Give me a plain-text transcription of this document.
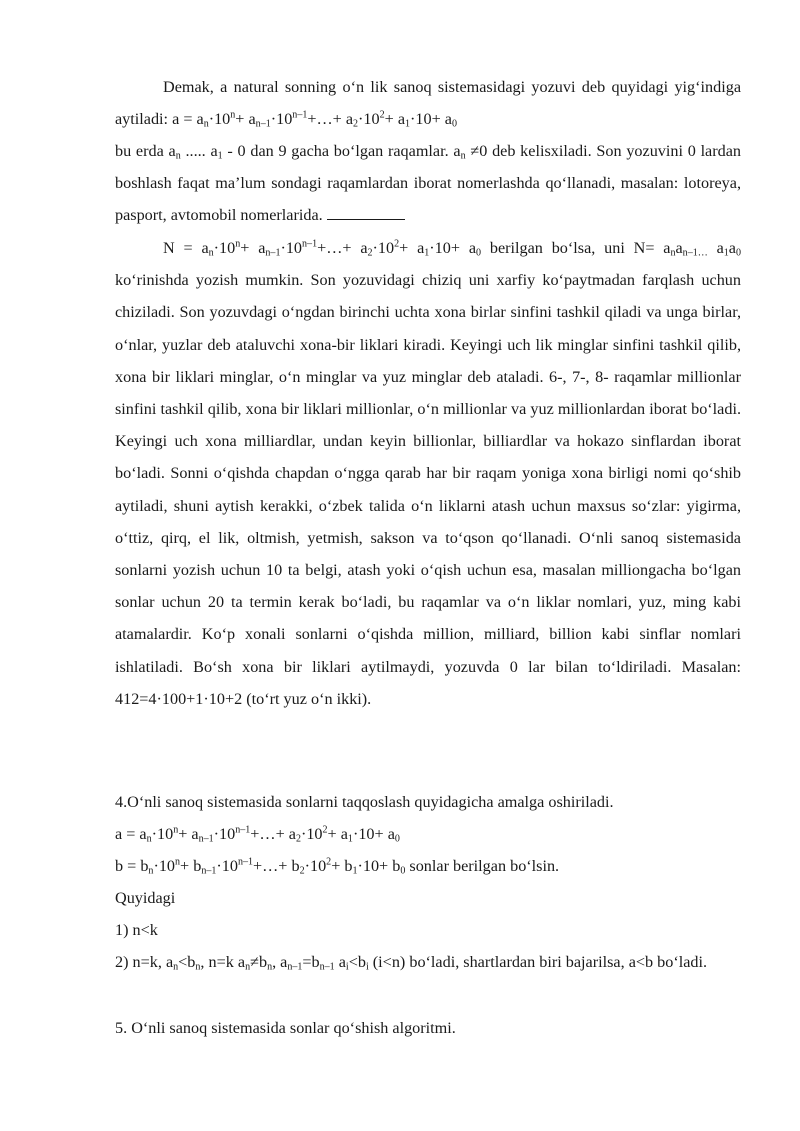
Demak, a natural sonning o‘n lik sanoq sistemasidagi yozuvi deb quyidagi yig‘indiga aytiladi: $a = a_n\cdot 10^n+$ $a_{n-1}\cdot 10^{n-1}+\dots+ a_2\cdot 10^2+ a_1\cdot 10+ a_0$

bu erda $a_n$ ..... $a_1 - 0$ dan 9 gacha bo‘lgan raqamlar. $a_n \ne 0$ deb kelisxiladi. Son yozuvini 0 lardan boshlash faqat ma’lum sondagi raqamlardan iborat nomerlashda qo‘llanadi, masalan: lotoreya, pasport, avtomobil nomerlarida.

$N = a_n\cdot 10^n+$ $a_{n-1}\cdot 10^{n-1}+\dots+ a_2\cdot 10^2+ a_1\cdot 10+ a_0$ berilgan bo‘lsa, uni $N= a_na_{n-1\dots}$ $a_1a_0$ ko‘rinishda yozish mumkin. Son yozuvidagi chiziq uni xarfiy ko‘paytmadan farqlash uchun chiziladi. Son yozuvdagi o‘ngdan birinchi uchta xona birlar sinfini tashkil qiladi va unga birlar, o‘nlar, yuzlar deb ataluvchi xona-bir liklari kiradi. Keyingi uch lik minglar sinfini tashkil qilib, xona bir liklari minglar, o‘n minglar va yuz minglar deb ataladi. 6-, 7-, 8- raqamlar millionlar sinfini tashkil qilib, xona bir liklari millionlar, o‘n millionlar va yuz millionlardan iborat bo‘ladi. Keyingi uch xona milliardlar, undan keyin billionlar, billiardlar va hokazo sinflardan iborat bo‘ladi. Sonni o‘qishda chapdan o‘ngga qarab har bir raqam yoniga xona birligi nomi qo‘shib aytiladi, shuni aytish kerakki, o‘zbek talida o‘n liklarni atash uchun maxsus so‘zlar: yigirma, o‘ttiz, qirq, el lik, oltmish, yetmish, sakson va to‘qson qo‘llanadi. O‘nli sanoq sistemasida sonlarni yozish uchun 10 ta belgi, atash yoki o‘qish uchun esa, masalan milliongacha bo‘lgan sonlar uchun 20 ta termin kerak bo‘ladi, bu raqamlar va o‘n liklar nomlari, yuz, ming kabi atamalardir. Ko‘p xonali sonlarni o‘qishda million, milliard, billion kabi sinflar nomlari ishlatiladi. Bo‘sh xona bir liklari aytilmaydi, yozuvda 0 lar bilan to‘ldiriladi. Masalan: 412=4·100+1·10+2 (to‘rt yuz o‘n ikki).

4.O‘nli sanoq sistemasida sonlarni taqqoslash quyidagicha amalga oshiriladi.

$a = a_n\cdot 10^n+$ $a_{n-1}\cdot 10^{n-1}+\dots+ a_2\cdot 10^2+ a_1\cdot 10+ a_0$

$b = b_n\cdot 10^n+$ $b_{n-1}\cdot 10^{n-1}+\dots+ b_2\cdot 10^2+ b_1\cdot 10+ b_0$ sonlar berilgan bo‘lsin.

Quyidagi

1) n<k

2) n=k, $a_n<b_n$, n=k $a_n\ne b_n$, $a_{n-1}=b_{n-1}$ $a_i<b_i$ (i<n) bo‘ladi, shartlardan biri bajarilsa, a<b bo‘ladi.

5. O‘nli sanoq sistemasida sonlar qo‘shish algoritmi.
